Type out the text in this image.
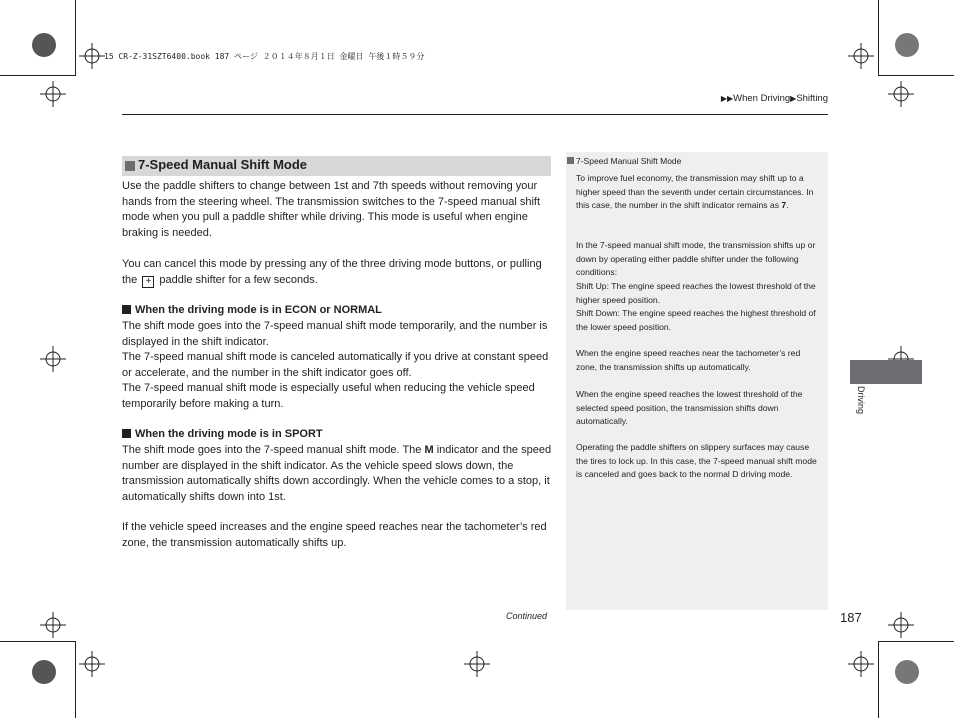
15 CR-Z-31SZT6400.book 187 ページ ２０１４年８月１日 金曜日 午後１時５９分
▶▶When Driving▶Shifting
7-Speed Manual Shift Mode

Use the paddle shifters to change between 1st and 7th speeds without removing your hands from the steering wheel. The transmission switches to the 7-speed manual shift mode when you pull a paddle shifter while driving. This mode is useful when engine braking is needed.

You can cancel this mode by pressing any of the three driving mode buttons, or pulling the + paddle shifter for a few seconds.

When the driving mode is in ECON or NORMAL

The shift mode goes into the 7-speed manual shift mode temporarily, and the number is displayed in the shift indicator.

The 7-speed manual shift mode is canceled automatically if you drive at constant speed or accelerate, and the number in the shift indicator goes off.

The 7-speed manual shift mode is especially useful when reducing the vehicle speed temporarily before making a turn.

When the driving mode is in SPORT

The shift mode goes into the 7-speed manual shift mode. The M indicator and the speed number are displayed in the shift indicator. As the vehicle speed slows down, the transmission automatically shifts down accordingly. When the vehicle comes to a stop, it automatically shifts down into 1st.

If the vehicle speed increases and the engine speed reaches near the tachometer’s red zone, the transmission automatically shifts up.

7-Speed Manual Shift Mode

To improve fuel economy, the transmission may shift up to a higher speed than the seventh under certain circumstances. In this case, the number in the shift indicator remains as 7.

In the 7-speed manual shift mode, the transmission shifts up or down by operating either paddle shifter under the following conditions:

Shift Up: The engine speed reaches the lowest threshold of the higher speed position.

Shift Down: The engine speed reaches the highest threshold of the lower speed position.

When the engine speed reaches near the tachometer’s red zone, the transmission shifts up automatically.

When the engine speed reaches the lowest threshold of the selected speed position, the transmission shifts down automatically.

Operating the paddle shifters on slippery surfaces may cause the tires to lock up. In this case, the 7-speed manual shift mode is canceled and goes back to the normal D driving mode.

Driving
Continued	187
